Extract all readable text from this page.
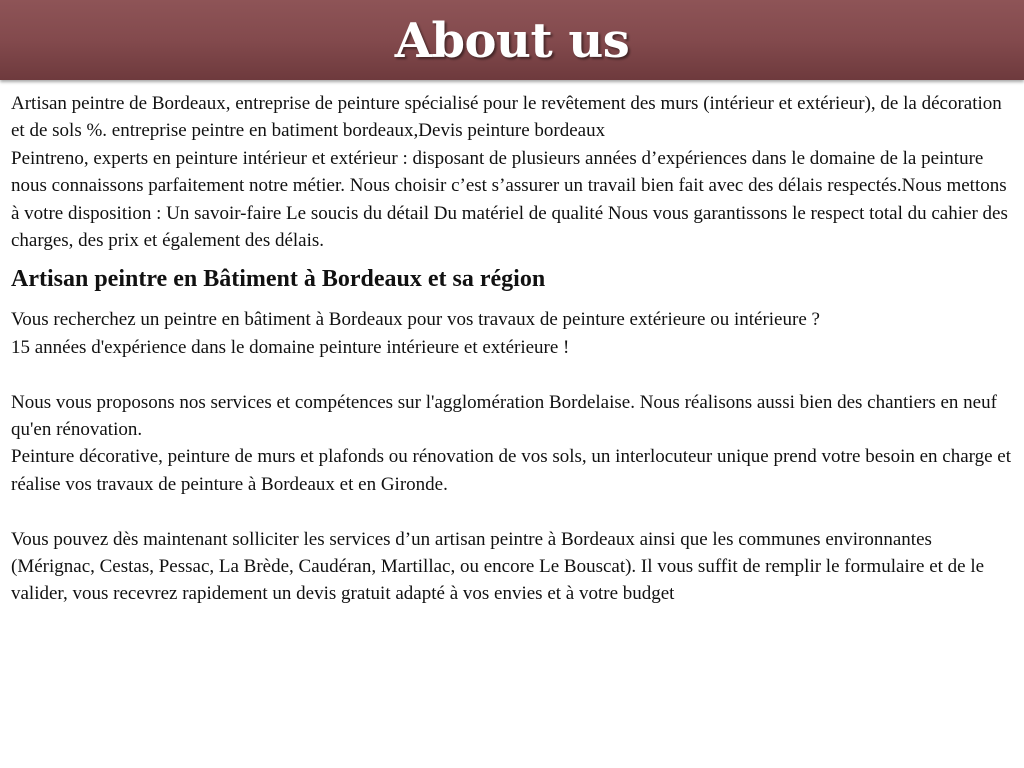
About us

Artisan peintre de Bordeaux, entreprise de peinture spécialisé pour le revêtement des murs (intérieur et extérieur), de la décoration et de sols %. entreprise peintre en batiment bordeaux,Devis peinture bordeaux

Peintreno, experts en peinture intérieur et extérieur : disposant de plusieurs années d’expériences dans le domaine de la peinture nous connaissons parfaitement notre métier. Nous choisir c’est s’assurer un travail bien fait avec des délais respectés.Nous mettons à votre disposition : Un savoir-faire Le soucis du détail Du matériel de qualité Nous vous garantissons le respect total du cahier des charges, des prix et également des délais.

Artisan peintre en Bâtiment à Bordeaux et sa région

Vous recherchez un peintre en bâtiment à Bordeaux pour vos travaux de peinture extérieure ou intérieure ?

15 années d'expérience dans le domaine peinture intérieure et extérieure !

Nous vous proposons nos services et compétences sur l'agglomération Bordelaise. Nous réalisons aussi bien des chantiers en neuf qu'en rénovation.

Peinture décorative, peinture de murs et plafonds ou rénovation de vos sols, un interlocuteur unique prend votre besoin en charge et réalise vos travaux de peinture à Bordeaux et en Gironde.

Vous pouvez dès maintenant solliciter les services d’un artisan peintre à Bordeaux ainsi que les communes environnantes (Mérignac, Cestas, Pessac, La Brède, Caudéran, Martillac, ou encore Le Bouscat). Il vous suffit de remplir le formulaire et de le valider, vous recevrez rapidement un devis gratuit adapté à vos envies et à votre budget
